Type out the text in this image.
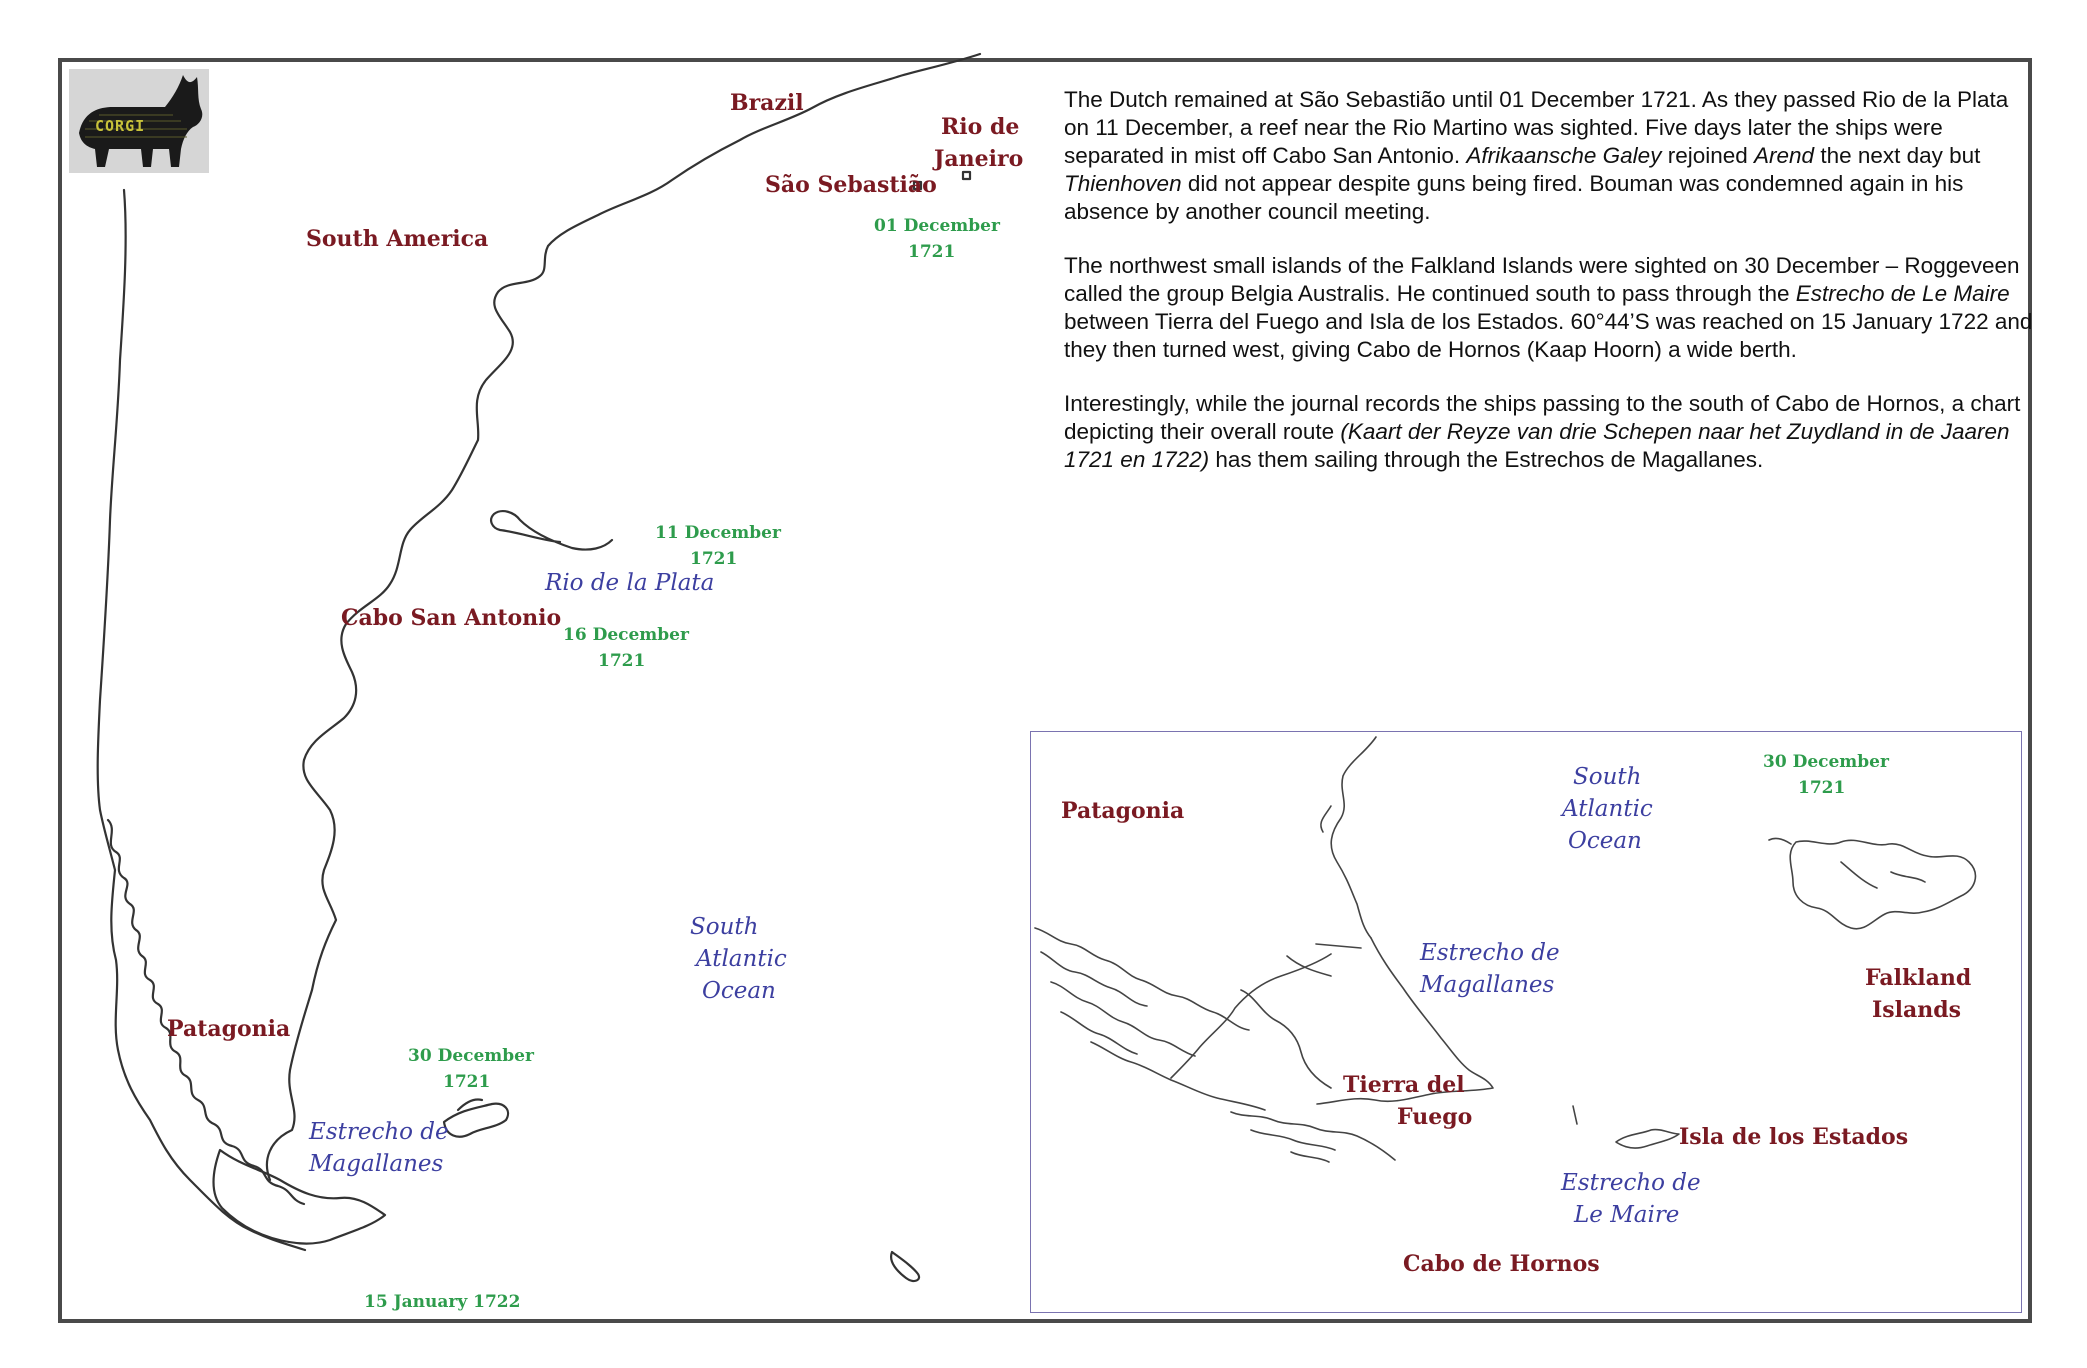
CORGI
Brazil
Rio de
Janeiro
São Sebastião
South America
Cabo San Antonio
Patagonia
Rio de la Plata
South
Atlantic
Ocean
Estrecho de
Magallanes
01 December
1721
11 December
1721
16 December
1721
30 December
1721
15 January 1722

The Dutch remained at São Sebastião until 01 December 1721. As they passed Rio de la Plata on 11 December, a reef near the Rio Martino was sighted. Five days later the ships were separated in mist off Cabo San Antonio. Afrikaansche Galey rejoined Arend the next day but Thienhoven did not appear despite guns being fired. Bouman was condemned again in his absence by another council meeting.

The northwest small islands of the Falkland Islands were sighted on 30 December – Roggeveen called the group Belgia Australis. He continued south to pass through the Estrecho de Le Maire between Tierra del Fuego and Isla de los Estados. 60°44’S was reached on 15 January 1722 and they then turned west, giving Cabo de Hornos (Kaap Hoorn) a wide berth.

Interestingly, while the journal records the ships passing to the south of Cabo de Hornos, a chart depicting their overall route (Kaart der Reyze van drie Schepen naar het Zuydland in de Jaaren 1721 en 1722) has them sailing through the Estrechos de Magallanes.

Patagonia
Tierra del
Fuego
Falkland
Islands
Isla de los Estados
Cabo de Hornos
South
Atlantic
Ocean
Estrecho de
Magallanes
Estrecho de
Le Maire
30 December
1721
